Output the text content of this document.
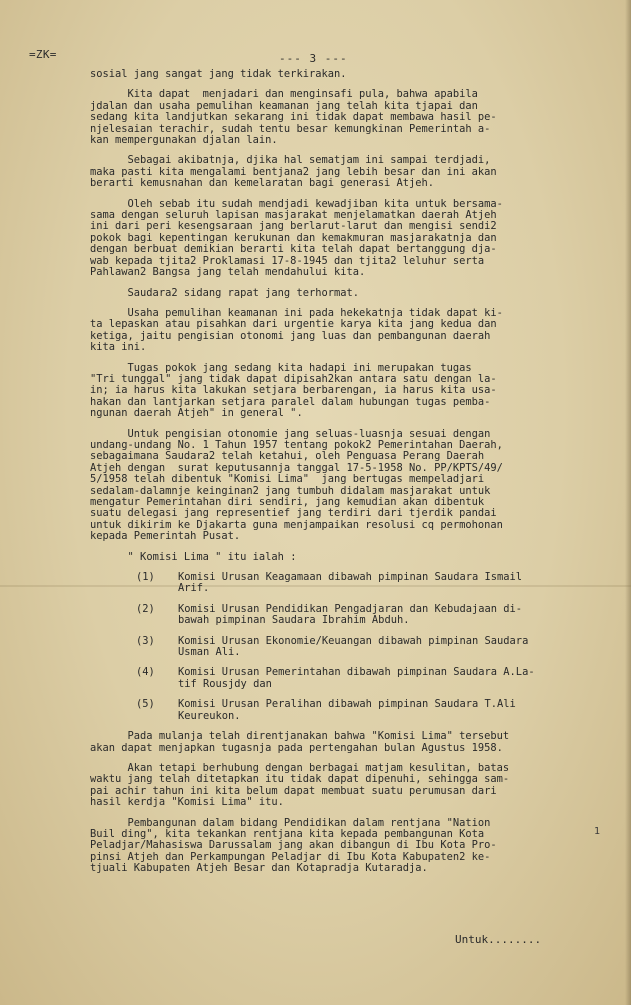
=ZK=	--- 3 ---
sosial jang sangat jang tidak terkirakan.
Kita dapat  menjadari dan menginsafi pula, bahwa apabila
jdalan dan usaha pemulihan keamanan jang telah kita tjapai dan
sedang kita landjutkan sekarang ini tidak dapat membawa hasil pe-
njelesaian terachir, sudah tentu besar kemungkinan Pemerintah a-
kan mempergunakan djalan lain.
Sebagai akibatnja, djika hal sematjam ini sampai terdjadi,
maka pasti kita mengalami bentjana2 jang lebih besar dan ini akan
berarti kemusnahan dan kemelaratan bagi generasi Atjeh.
Oleh sebab itu sudah mendjadi kewadjiban kita untuk bersama-
sama dengan seluruh lapisan masjarakat menjelamatkan daerah Atjeh
ini dari peri kesengsaraan jang berlarut-larut dan mengisi sendi2
pokok bagi kepentingan kerukunan dan kemakmuran masjarakatnja dan
dengan berbuat demikian berarti kita telah dapat bertanggung dja-
wab kepada tjita2 Proklamasi 17-8-1945 dan tjita2 leluhur serta
Pahlawan2 Bangsa jang telah mendahului kita.
Saudara2 sidang rapat jang terhormat.
Usaha pemulihan keamanan ini pada hekekatnja tidak dapat ki-
ta lepaskan atau pisahkan dari urgentie karya kita jang kedua dan
ketiga, jaitu pengisian otonomi jang luas dan pembangunan daerah
kita ini.
Tugas pokok jang sedang kita hadapi ini merupakan tugas
"Tri tunggal" jang tidak dapat dipisah2kan antara satu dengan la-
in; ia harus kita lakukan setjara berbarengan, ia harus kita usa-
hakan dan lantjarkan setjara paralel dalam hubungan tugas pemba-
ngunan daerah Atjeh" in general ".
Untuk pengisian otonomie jang seluas-luasnja sesuai dengan
undang-undang No. 1 Tahun 1957 tentang pokok2 Pemerintahan Daerah,
sebagaimana Saudara2 telah ketahui, oleh Penguasa Perang Daerah
Atjeh dengan  surat keputusannja tanggal 17-5-1958 No. PP/KPTS/49/
5/1958 telah dibentuk "Komisi Lima"  jang bertugas mempeladjari
sedalam-dalamnje keinginan2 jang tumbuh didalam masjarakat untuk
mengatur Pemerintahan diri sendiri, jang kemudian akan dibentuk
suatu delegasi jang representief jang terdiri dari tjerdik pandai
untuk dikirim ke Djakarta guna menjampaikan resolusi cq permohonan
kepada Pemerintah Pusat.
" Komisi Lima " itu ialah :
(1)	Komisi Urusan Keagamaan dibawah pimpinan Saudara Ismail
Arif.
(2)	Komisi Urusan Pendidikan Pengadjaran dan Kebudajaan di-
bawah pimpinan Saudara Ibrahim Abduh.
(3)	Komisi Urusan Ekonomie/Keuangan dibawah pimpinan Saudara
Usman Ali.
(4)	Komisi Urusan Pemerintahan dibawah pimpinan Saudara A.La-
tif Rousjdy dan
(5)	Komisi Urusan Peralihan dibawah pimpinan Saudara T.Ali
Keureukon.
Pada mulanja telah direntjanakan bahwa "Komisi Lima" tersebut
akan dapat menjapkan tugasnja pada pertengahan bulan Agustus 1958.
Akan tetapi berhubung dengan berbagai matjam kesulitan, batas
waktu jang telah ditetapkan itu tidak dapat dipenuhi, sehingga sam-
pai achir tahun ini kita belum dapat membuat suatu perumusan dari
hasil kerdja "Komisi Lima" itu.
Pembangunan dalam bidang Pendidikan dalam rentjana "Nation
Buil ding", kita tekankan rentjana kita kepada pembangunan Kota
Peladjar/Mahasiswa Darussalam jang akan dibangun di Ibu Kota Pro-
pinsi Atjeh dan Perkampungan Peladjar di Ibu Kota Kabupaten2 ke-
tjuali Kabupaten Atjeh Besar dan Kotapradja Kutaradja.
1
Untuk........
